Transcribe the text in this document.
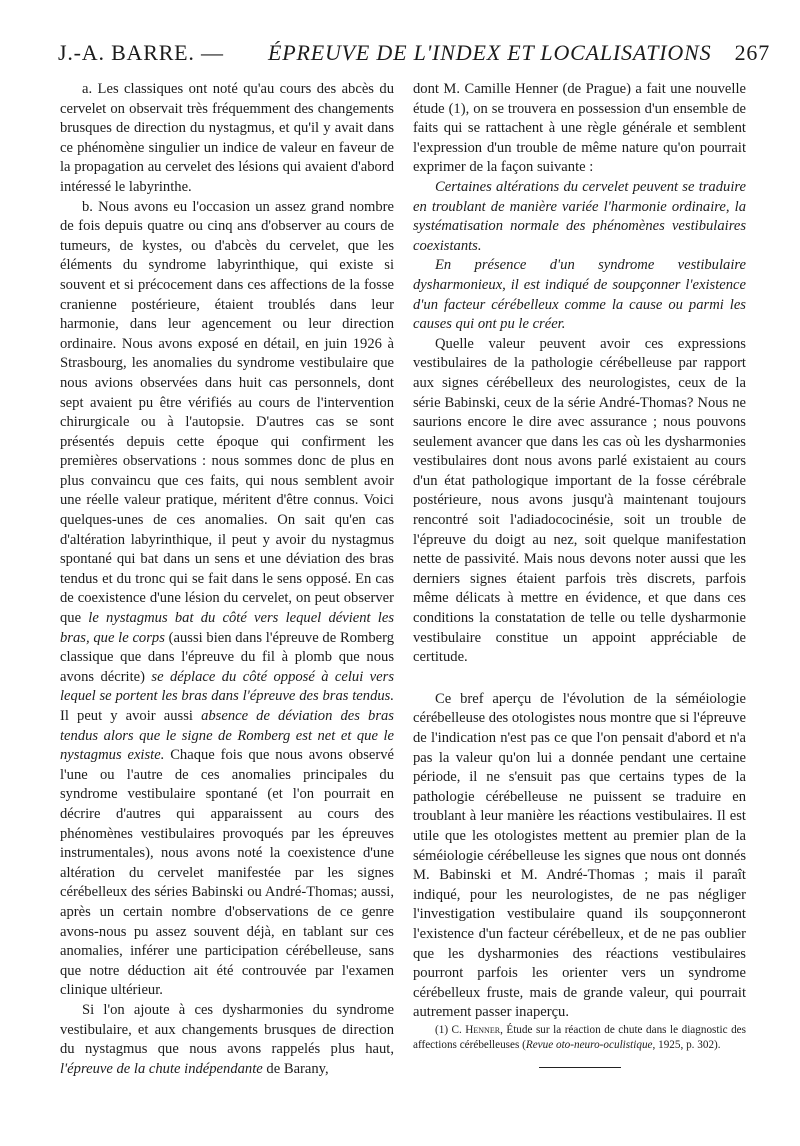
J.-A. BARRE. — ÉPREUVE DE L'INDEX ET LOCALISATIONS 267

a. Les classiques ont noté qu'au cours des abcès du cervelet on observait très fréquemment des changements brusques de direction du nystagmus, et qu'il y avait dans ce phénomène singulier un indice de valeur en faveur de la propagation au cervelet des lésions qui avaient d'abord intéressé le labyrinthe.

b. Nous avons eu l'occasion un assez grand nombre de fois depuis quatre ou cinq ans d'observer au cours de tumeurs, de kystes, ou d'abcès du cervelet, que les éléments du syndrome labyrinthique, qui existe si souvent et si précocement dans ces affections de la fosse cranienne postérieure, étaient troublés dans leur harmonie, dans leur agencement ou leur direction ordinaire. Nous avons exposé en détail, en juin 1926 à Strasbourg, les anomalies du syndrome vestibulaire que nous avions observées dans huit cas personnels, dont sept avaient pu être vérifiés au cours de l'intervention chirurgicale ou à l'autopsie. D'autres cas se sont présentés depuis cette époque qui confirment les premières observations : nous sommes donc de plus en plus convaincu que ces faits, qui nous semblent avoir une réelle valeur pratique, méritent d'être connus. Voici quelques-unes de ces anomalies. On sait qu'en cas d'altération labyrinthique, il peut y avoir du nystagmus spontané qui bat dans un sens et une déviation des bras tendus et du tronc qui se fait dans le sens opposé. En cas de coexistence d'une lésion du cervelet, on peut observer que le nystagmus bat du côté vers lequel dévient les bras, que le corps (aussi bien dans l'épreuve de Romberg classique que dans l'épreuve du fil à plomb que nous avons décrite) se déplace du côté opposé à celui vers lequel se portent les bras dans l'épreuve des bras tendus. Il peut y avoir aussi absence de déviation des bras tendus alors que le signe de Romberg est net et que le nystagmus existe. Chaque fois que nous avons observé l'une ou l'autre de ces anomalies principales du syndrome vestibulaire spontané (et l'on pourrait en décrire d'autres qui apparaissent au cours des phénomènes vestibulaires provoqués par les épreuves instrumentales), nous avons noté la coexistence d'une altération du cervelet manifestée par les signes cérébelleux des séries Babinski ou André-Thomas; aussi, après un certain nombre d'observations de ce genre avons-nous pu assez souvent déjà, en tablant sur ces anomalies, inférer une participation cérébelleuse, sans que notre déduction ait été controuvée par l'examen clinique ultérieur.

Si l'on ajoute à ces dysharmonies du syndrome vestibulaire, et aux changements brusques de direction du nystagmus que nous avons rappelés plus haut, l'épreuve de la chute indépendante de Barany,

dont M. Camille Henner (de Prague) a fait une nouvelle étude (1), on se trouvera en possession d'un ensemble de faits qui se rattachent à une règle générale et semblent l'expression d'un trouble de même nature qu'on pourrait exprimer de la façon suivante :

Certaines altérations du cervelet peuvent se traduire en troublant de manière variée l'harmonie ordinaire, la systématisation normale des phénomènes vestibulaires coexistants.

En présence d'un syndrome vestibulaire dysharmonieux, il est indiqué de soupçonner l'existence d'un facteur cérébelleux comme la cause ou parmi les causes qui ont pu le créer.

Quelle valeur peuvent avoir ces expressions vestibulaires de la pathologie cérébelleuse par rapport aux signes cérébelleux des neurologistes, ceux de la série Babinski, ceux de la série André-Thomas? Nous ne saurions encore le dire avec assurance ; nous pouvons seulement avancer que dans les cas où les dysharmonies vestibulaires dont nous avons parlé existaient au cours d'un état pathologique important de la fosse cérébrale postérieure, nous avons jusqu'à maintenant toujours rencontré soit l'adiadococinésie, soit un trouble de l'épreuve du doigt au nez, soit quelque manifestation nette de passivité. Mais nous devons noter aussi que les derniers signes étaient parfois très discrets, parfois même délicats à mettre en évidence, et que dans ces conditions la constatation de telle ou telle dysharmonie vestibulaire constitue un appoint appréciable de certitude.

Ce bref aperçu de l'évolution de la séméiologie cérébelleuse des otologistes nous montre que si l'épreuve de l'indication n'est pas ce que l'on pensait d'abord et n'a pas la valeur qu'on lui a donnée pendant une certaine période, il ne s'ensuit pas que certains types de la pathologie cérébelleuse ne puissent se traduire en troublant à leur manière les réactions vestibulaires. Il est utile que les otologistes mettent au premier plan de la séméiologie cérébelleuse les signes que nous ont donnés M. Babinski et M. André-Thomas ; mais il paraît indiqué, pour les neurologistes, de ne pas négliger l'investigation vestibulaire quand ils soupçonneront l'existence d'un facteur cérébelleux, et de ne pas oublier que les dysharmonies des réactions vestibulaires pourront parfois les orienter vers un syndrome cérébelleux fruste, mais de grande valeur, qui pourrait autrement passer inaperçu.

(1) C. Henner, Étude sur la réaction de chute dans le diagnostic des affections cérébelleuses (Revue oto-neuro-oculistique, 1925, p. 302).
